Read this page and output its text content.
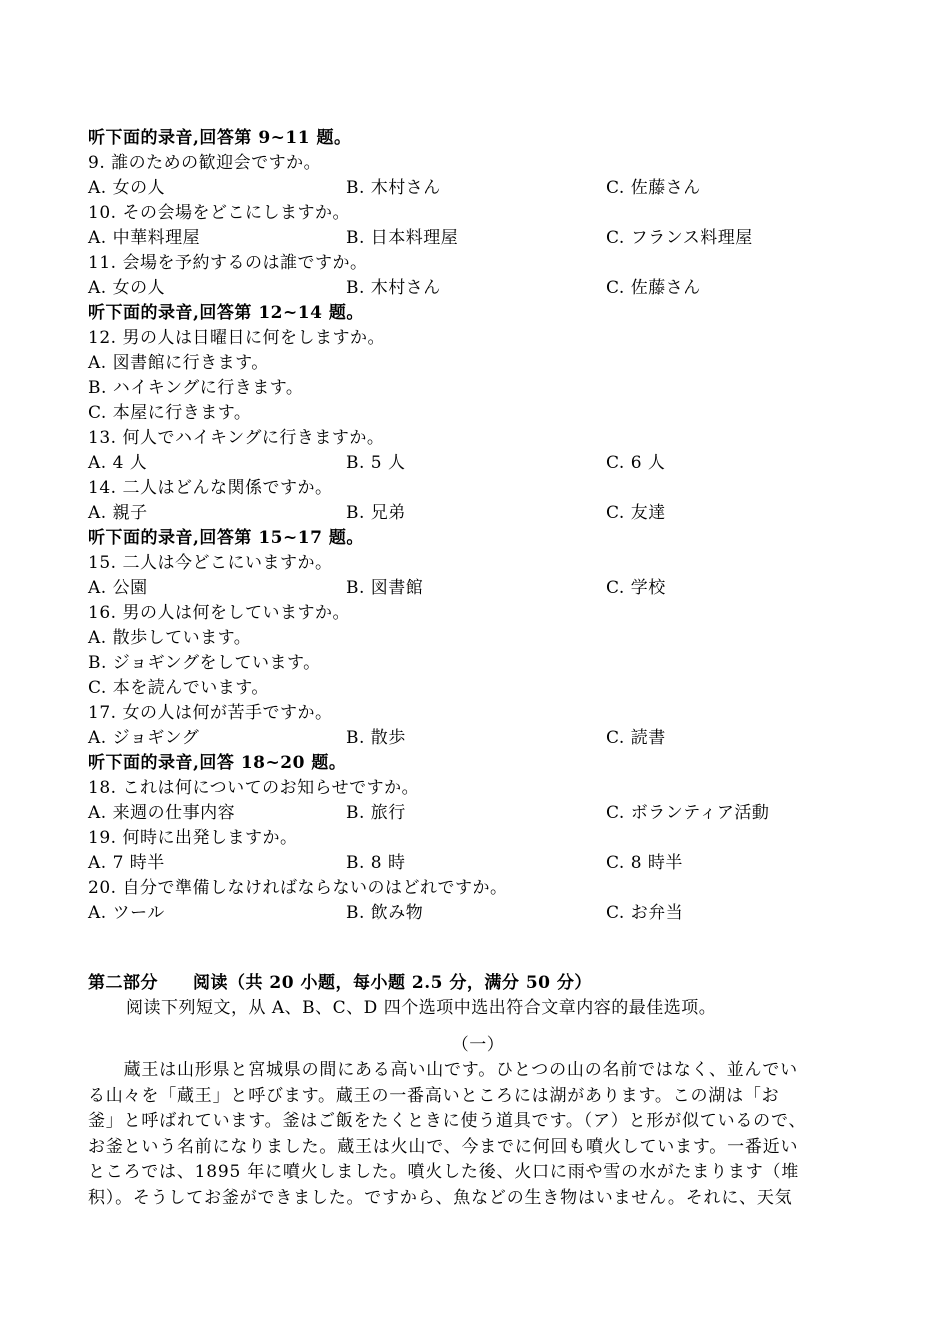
听下面的录音,回答第 9~11 题。
9. 誰のための歓迎会ですか。
A. 女の人	B. 木村さん	C. 佐藤さん
10. その会場をどこにしますか。
A. 中華料理屋	B. 日本料理屋	C. フランス料理屋
11. 会場を予約するのは誰ですか。
A. 女の人	B. 木村さん	C. 佐藤さん
听下面的录音,回答第 12~14 题。
12. 男の人は日曜日に何をしますか。
A. 図書館に行きます。
B. ハイキングに行きます。
C. 本屋に行きます。
13. 何人でハイキングに行きますか。
A. 4 人	B. 5 人	C. 6 人
14. 二人はどんな関係ですか。
A. 親子	B. 兄弟	C. 友達
听下面的录音,回答第 15~17 题。
15. 二人は今どこにいますか。
A. 公園	B. 図書館	C. 学校
16. 男の人は何をしていますか。
A. 散歩しています。
B. ジョギングをしています。
C. 本を読んでいます。
17. 女の人は何が苦手ですか。
A. ジョギング	B. 散歩	C. 読書
听下面的录音,回答 18~20 题。
18. これは何についてのお知らせですか。
A. 来週の仕事内容	B. 旅行	C. ボランティア活動
19. 何時に出発しますか。
A. 7 時半	B. 8 時	C. 8 時半
20. 自分で準備しなければならないのはどれですか。
A. ツール	B. 飲み物	C. お弁当
第二部分　　阅读（共 20 小题，每小题 2.5 分，满分 50 分）
阅读下列短文，从 A、B、C、D 四个选项中选出符合文章内容的最佳选项。
（一）

　　蔵王は山形県と宮城県の間にある高い山です。ひとつの山の名前ではなく、並んでい

る山々を「蔵王」と呼びます。蔵王の一番高いところには湖があります。この湖は「お

釜」と呼ばれています。釜はご飯をたくときに使う道具です。（ア）と形が似ているので、

お釜という名前になりました。蔵王は火山で、今までに何回も噴火しています。一番近い

ところでは、1895 年に噴火しました。噴火した後、火口に雨や雪の水がたまります（堆

积）。そうしてお釜ができました。ですから、魚などの生き物はいません。それに、天気
